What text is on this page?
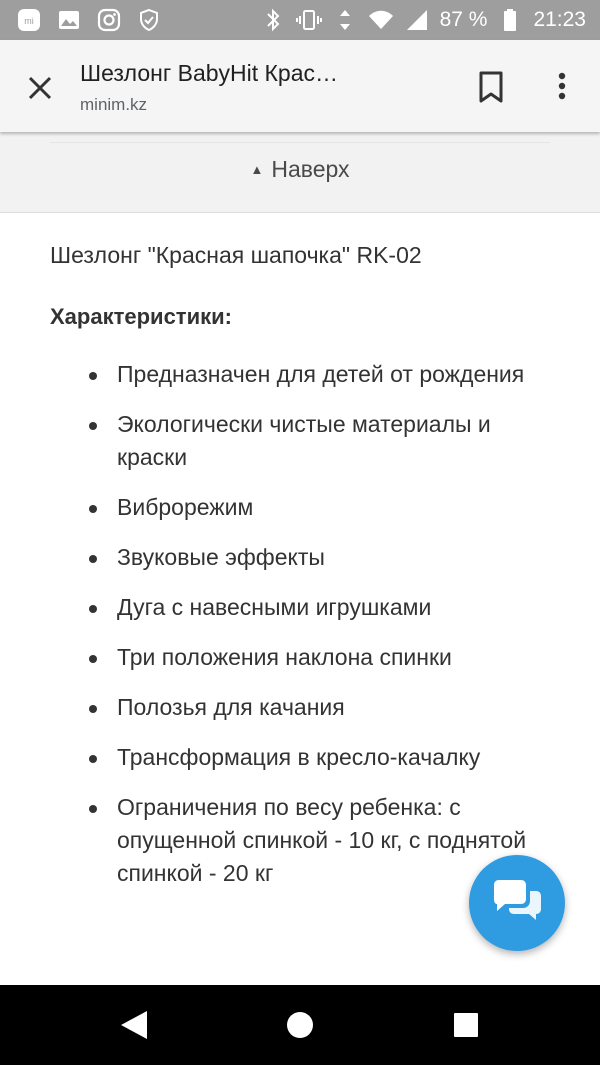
mi	87 % 21:23
Шезлонг BabyHit Крас…
minim.kz
▲ Наверх

Шезлонг "Красная шапочка" RK-02

Характеристики:

Предназначен для детей от рождения
Экологически чистые материалы и краски
Виброрежим
Звуковые эффекты
Дуга с навесными игрушками
Три положения наклона спинки
Полозья для качания
Трансформация в кресло-качалку
Ограничения по весу ребенка: с опущенной спинкой - 10 кг, с поднятой спинкой - 20 кг
